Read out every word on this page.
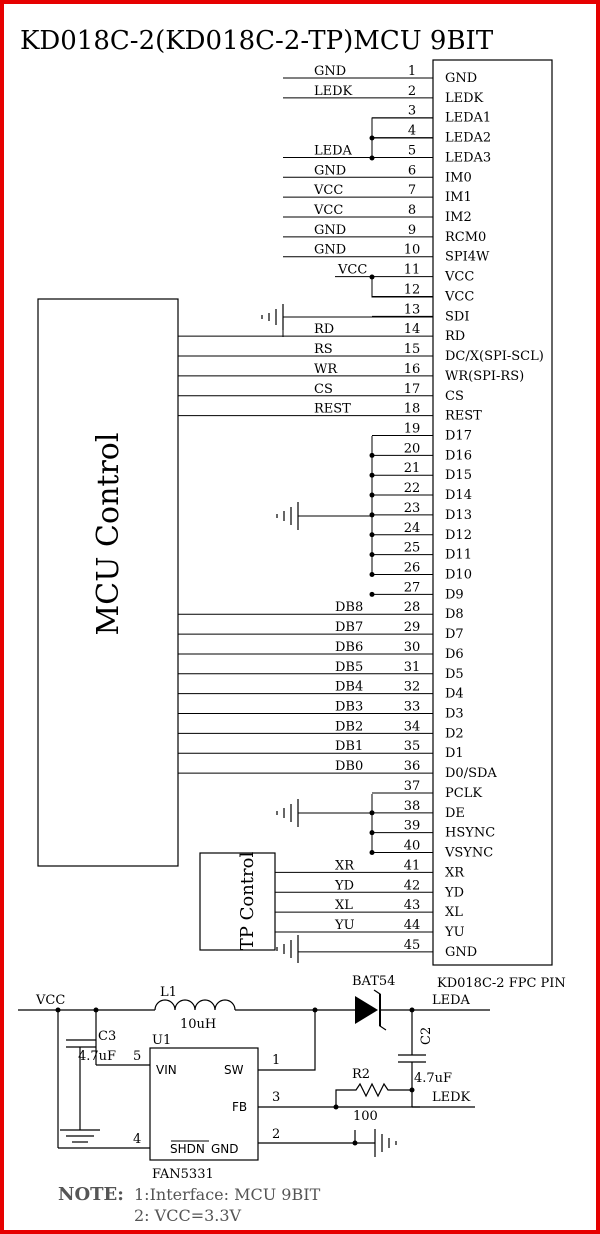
KD018C-2(KD018C-2-TP)MCU 9BIT
KD018C-2 FPC PIN
MCU Control
TP Control
1 GND
GND
2 LEDK
LEDK
3 LEDA1
4 LEDA2
5 LEDA3
LEDA
6 IM0
GND
7 IM1
VCC
8 IM2
VCC
9 RCM0
GND
10 SPI4W
GND
11 VCC
VCC
12 VCC
13 SDI
14 RD
RD
15 DC/X(SPI-SCL)
RS
16 WR(SPI-RS)
WR
17 CS
CS
18 REST
REST
19 D17
20 D16
21 D15
22 D14
23 D13
24 D12
25 D11
26 D10
27 D9
28 D8
DB8
29 D7
DB7
30 D6
DB6
31 D5
DB5
32 D4
DB4
33 D3
DB3
34 D2
DB2
35 D1
DB1
36 D0/SDA
DB0
37 PCLK
38 DE
39 HSYNC
40 VSYNC
41 XR
XR
42 YD
YD
43 XL
XL
44 YU
YU
45 GND
VCC
L1
10uH
BAT54
LEDA
C3
4.7uF
C2
4.7uF
U1
FAN5331
VIN	SW
FB
SHDN GND
1
3
2
5
4
R2
100
LEDK
NOTE: 1:Interface: MCU 9BIT
2: VCC=3.3V
